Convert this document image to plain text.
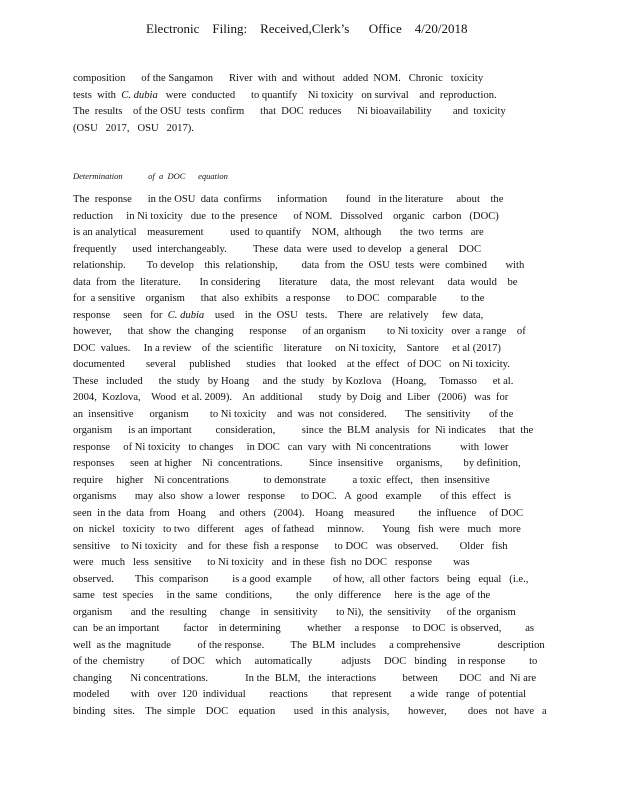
Electronic    Filing:    Received,Clerk’s      Office    4/20/2018
composition      of the Sangamon      River  with  and  without   added  NOM.   Chronic   toxicity
tests  with  C. dubia   were  conducted      to quantify    Ni toxicity   on survival    and  reproduction.
The  results    of the OSU  tests  confirm      that  DOC  reduces      Ni bioavailability        and  toxicity
(OSU   2017,   OSU   2017).
Determination            of  a  DOC      equation
The  response      in the OSU  data  confirms      information       found   in the literature     about    the
reduction     in Ni toxicity   due  to the  presence      of NOM.   Dissolved    organic   carbon   (DOC)
is an analytical    measurement          used  to quantify    NOM,  although       the  two  terms   are
frequently      used  interchangeably.          These  data  were  used  to develop   a general    DOC
relationship.        To develop    this  relationship,         data  from  the  OSU  tests  were  combined       with
data  from  the  literature.       In considering       literature     data,  the  most  relevant     data  would    be
for  a sensitive    organism      that  also  exhibits   a response      to DOC   comparable         to the
response     seen   for  C. dubia    used    in  the  OSU   tests.    There   are  relatively     few  data,
however,      that  show  the  changing      response      of an organism        to Ni toxicity   over  a range    of
DOC  values.     In a review    of  the  scientific    literature     on Ni toxicity,    Santore     et al (2017)
documented        several     published      studies    that  looked    at the  effect   of DOC   on Ni toxicity.
These   included      the  study   by Hoang     and  the  study   by Kozlova    (Hoang,     Tomasso      et al.
2004,  Kozlova,    Wood  et al. 2009).    An  additional      study  by Doig  and  Liber   (2006)   was  for
an  insensitive      organism        to Ni toxicity    and  was  not  considered.       The  sensitivity       of the
organism      is an important         consideration,          since  the  BLM  analysis   for  Ni indicates     that  the
response     of Ni toxicity   to changes     in DOC   can  vary  with  Ni concentrations           with  lower
responses      seen  at higher    Ni  concentrations.          Since  insensitive     organisms,        by definition,
require     higher    Ni concentrations             to demonstrate          a toxic  effect,   then  insensitive
organisms       may  also  show  a lower   response      to DOC.   A  good   example       of this  effect   is
seen  in the  data  from   Hoang     and  others   (2004).    Hoang    measured         the  influence     of DOC
on  nickel   toxicity   to two   different    ages   of fathead     minnow.       Young   fish  were   much   more
sensitive    to Ni toxicity    and  for  these  fish  a response      to DOC   was  observed.        Older   fish
were   much   less  sensitive      to Ni toxicity   and  in these  fish  no DOC   response        was
observed.        This  comparison         is a good  example        of how,  all other  factors   being   equal   (i.e.,
same   test  species     in the  same   conditions,         the  only  difference     here  is the  age  of the
organism       and  the  resulting     change    in  sensitivity       to Ni),  the  sensitivity      of the  organism
can  be an important         factor    in determining          whether     a response     to DOC  is observed,         as
well  as the  magnitude          of the response.          The  BLM  includes     a comprehensive              description
of the  chemistry          of DOC    which     automatically           adjusts     DOC   binding    in response         to
changing       Ni concentrations.              In the  BLM,   the  interactions          between        DOC   and  Ni are
modeled        with   over  120  individual         reactions         that  represent       a wide   range   of potential
binding   sites.    The  simple    DOC    equation       used   in this  analysis,       however,        does   not  have   a
